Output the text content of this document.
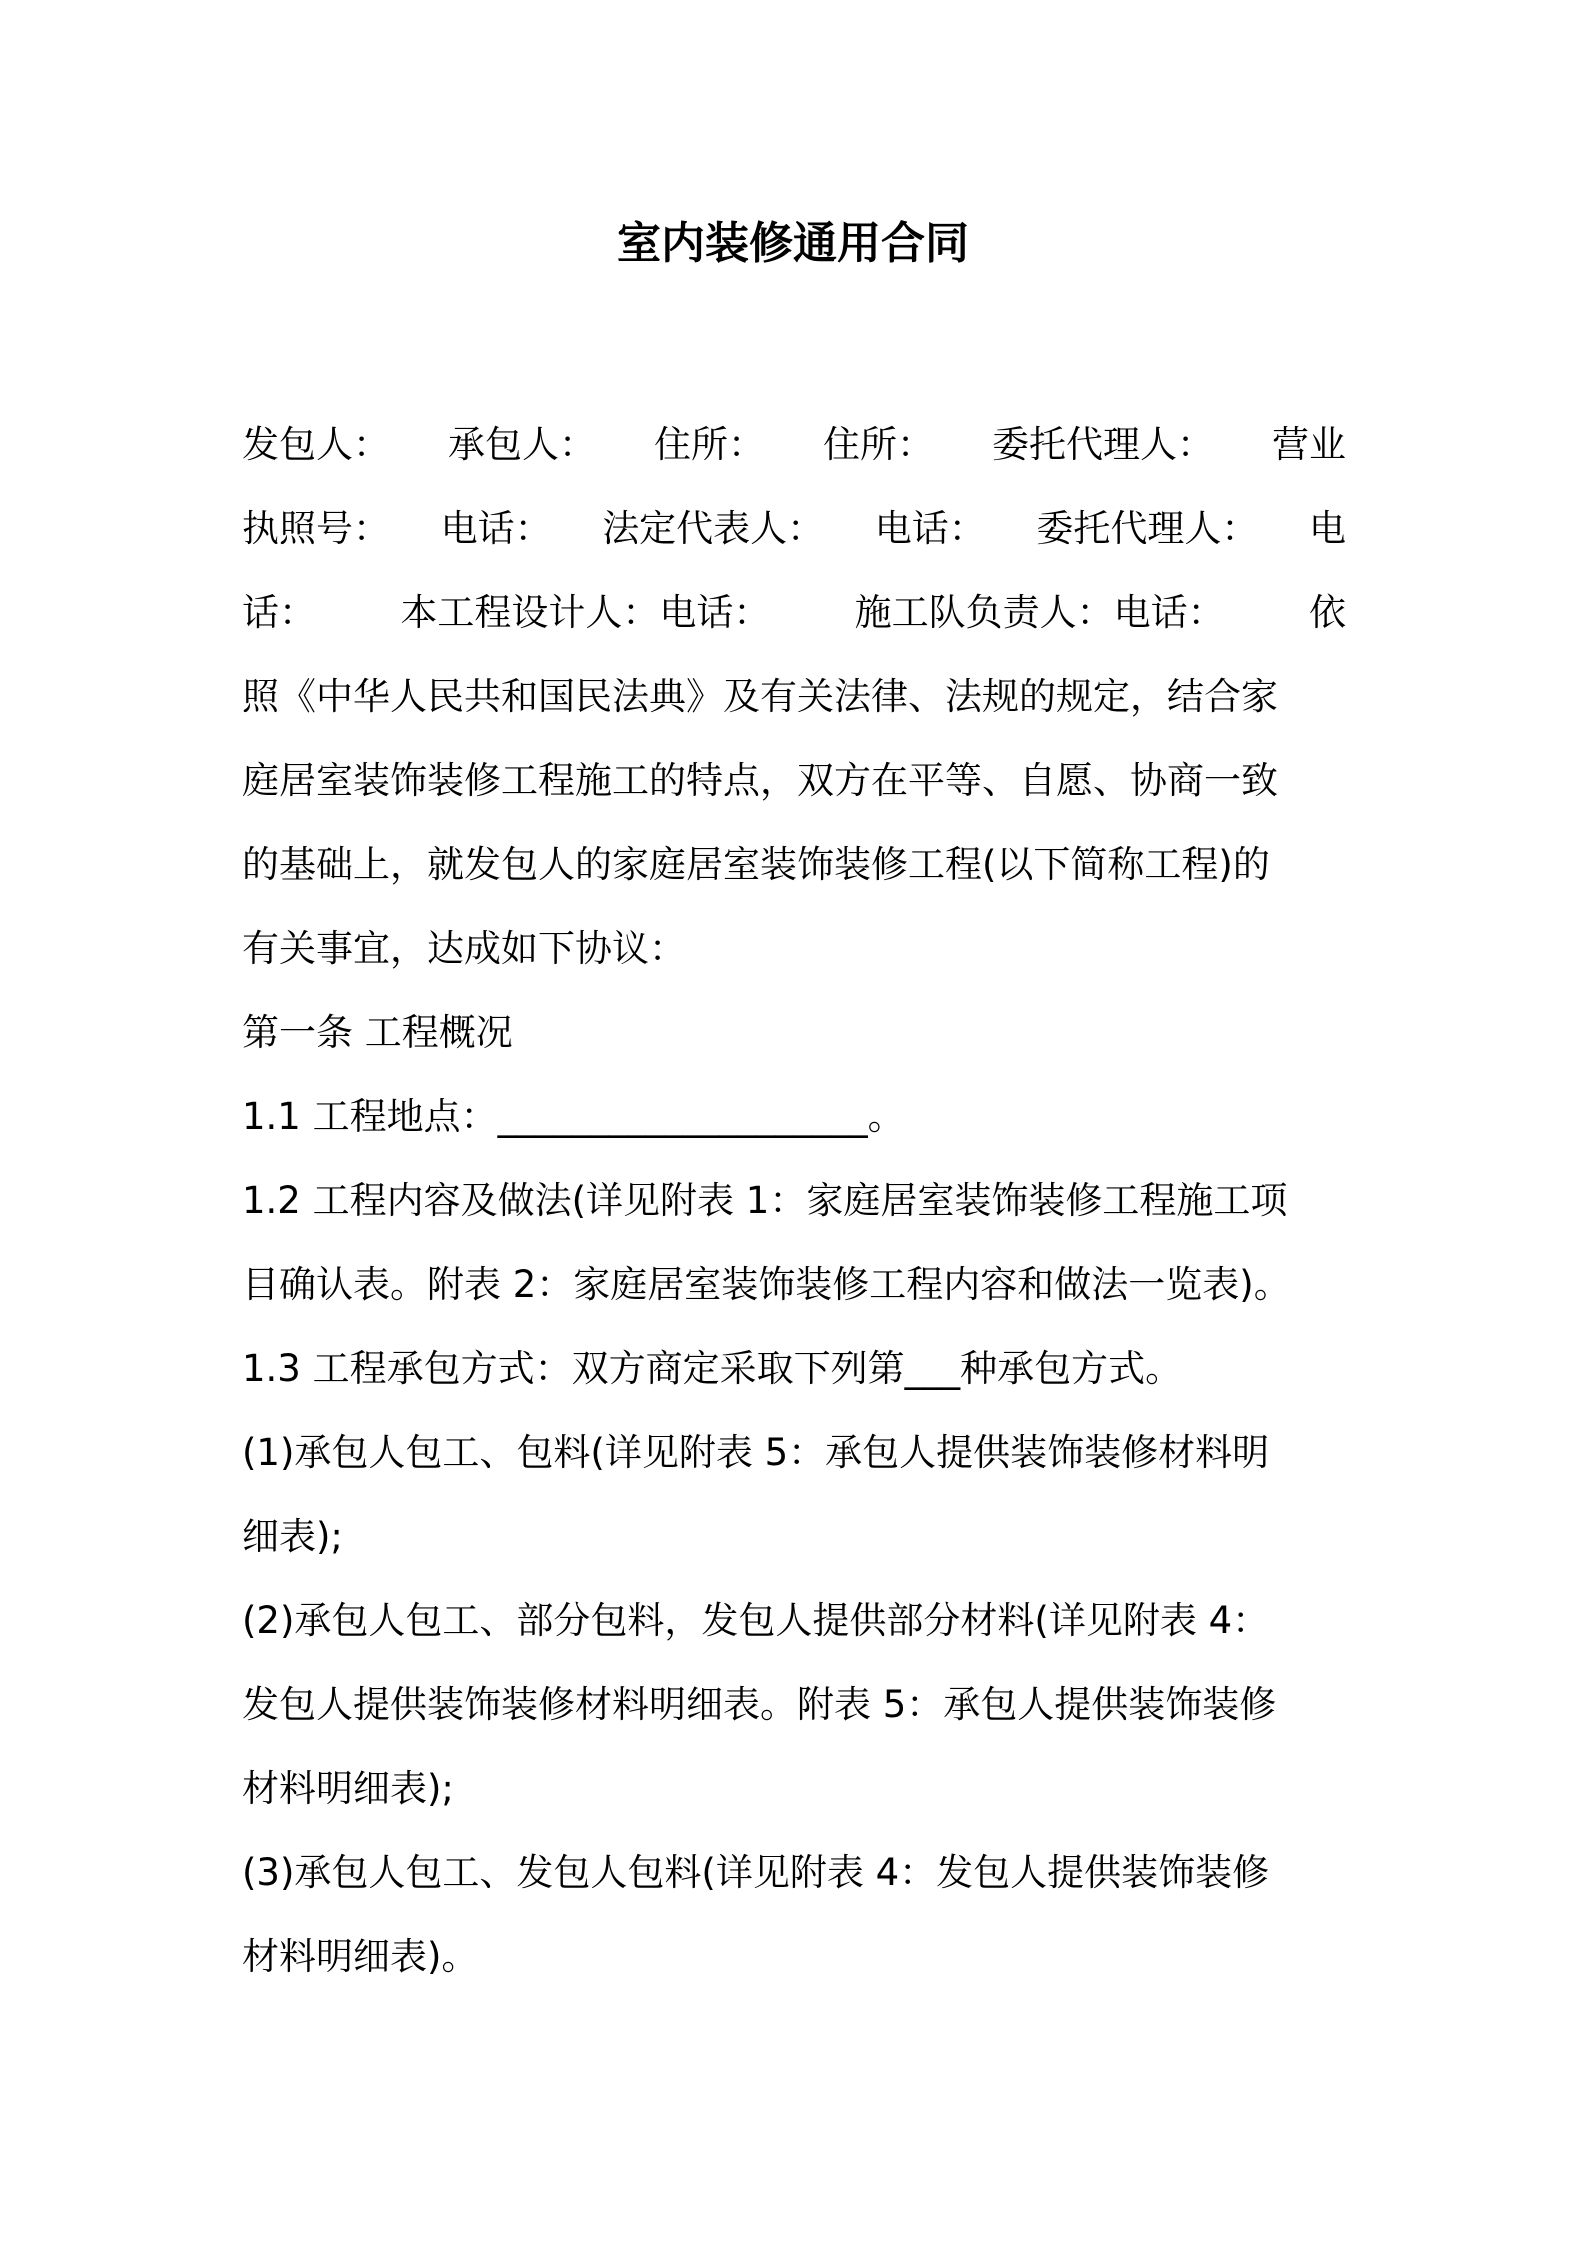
室内装修通用合同
发包人： 承包人： 住所： 住所： 委托代理人： 营业
执照号： 电话： 法定代表人： 电话： 委托代理人： 电
话： 本工程设计人：电话： 施工队负责人：电话： 依
照《中华人民共和国民法典》及有关法律、法规的规定，结合家
庭居室装饰装修工程施工的特点，双方在平等、自愿、协商一致
的基础上，就发包人的家庭居室装饰装修工程(以下简称工程)的
有关事宜，达成如下协议：
第一条 工程概况
1.1 工程地点：____________________。
1.2 工程内容及做法(详见附表 1：家庭居室装饰装修工程施工项
目确认表。附表 2：家庭居室装饰装修工程内容和做法一览表)。
1.3 工程承包方式：双方商定采取下列第___种承包方式。
(1)承包人包工、包料(详见附表 5：承包人提供装饰装修材料明
细表);
(2)承包人包工、部分包料，发包人提供部分材料(详见附表 4：
发包人提供装饰装修材料明细表。附表 5：承包人提供装饰装修
材料明细表);
(3)承包人包工、发包人包料(详见附表 4：发包人提供装饰装修
材料明细表)。
